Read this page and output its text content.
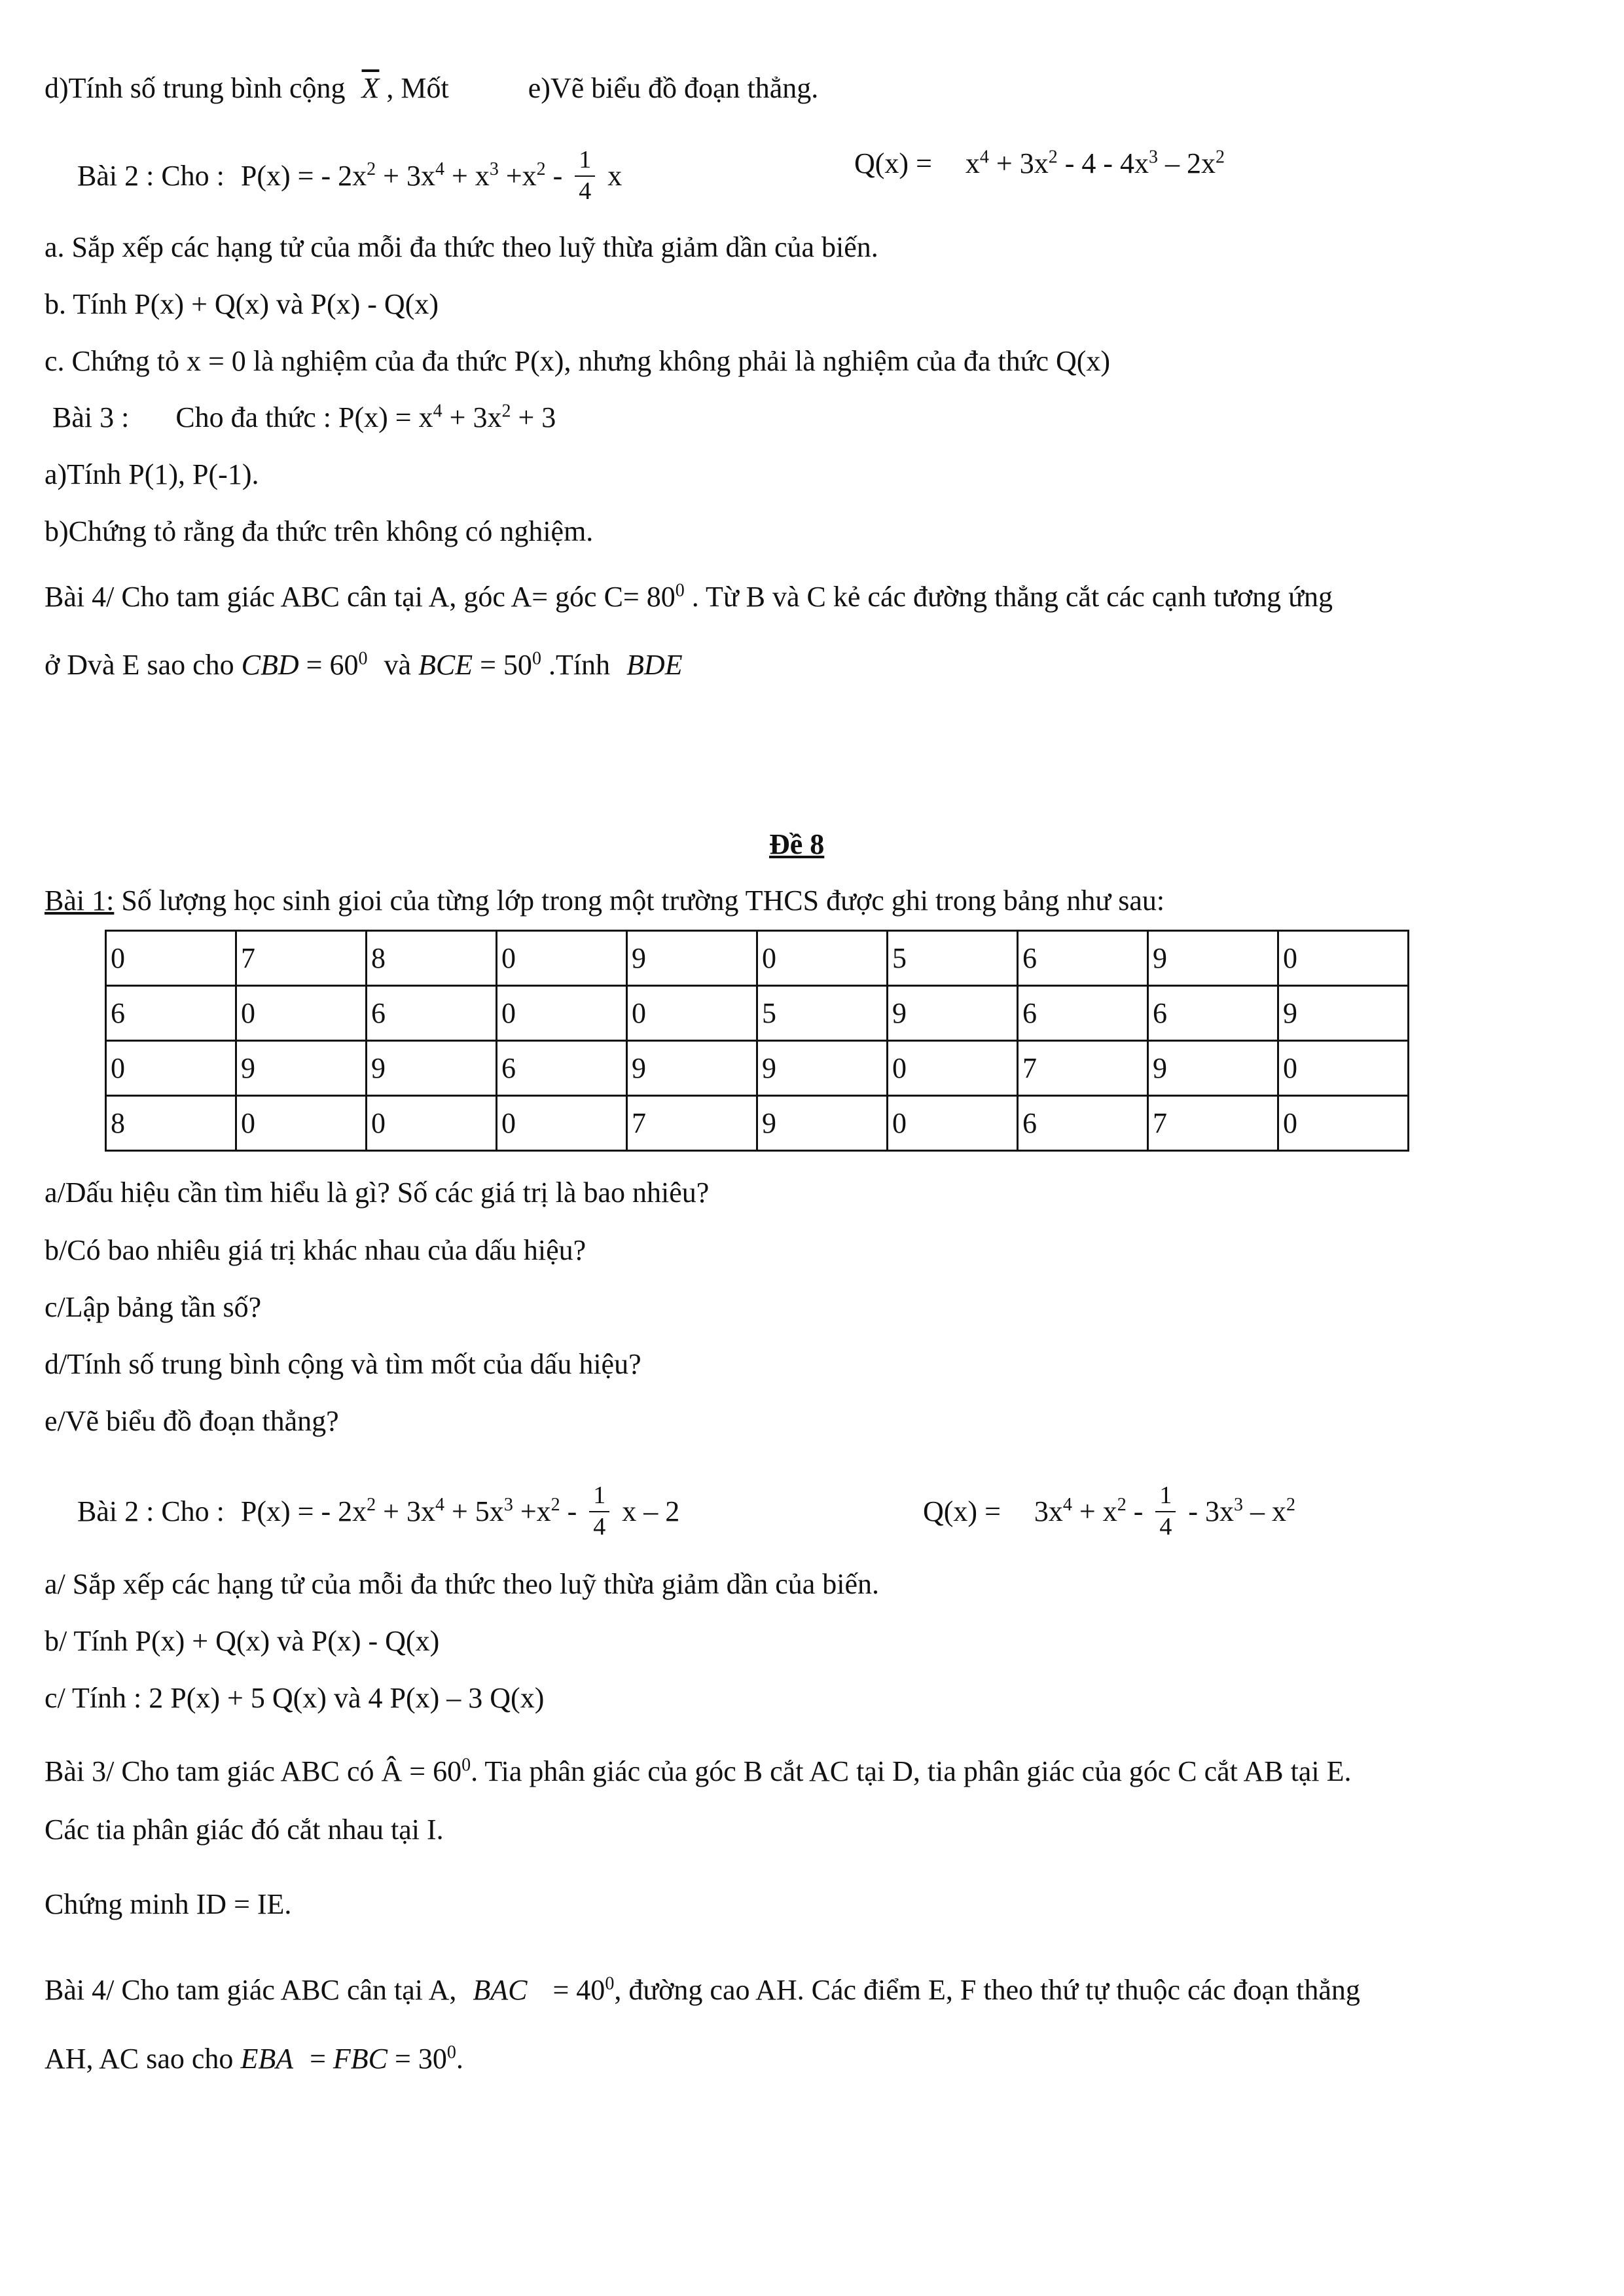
d)Tính số trung bình cộng $\overline{X}$ , Mốt	e)Vẽ biểu đồ đoạn thẳng.
Bài 2 : Cho : P(x) = - $2x^2 + 3x^4 + x^3 +x^2 - \frac{1}{4}$ x	$Q(x) = x^4 + 3x^2 - 4 - 4x^3 - 2x^2$
a. Sắp xếp các hạng tử của mỗi đa thức theo luỹ thừa giảm dần của biến.
b. Tính P(x) + Q(x) và P(x) - Q(x)
c. Chứng tỏ x = 0 là nghiệm của đa thức P(x), nhưng không phải là nghiệm của đa thức Q(x)
Bài 3 : Cho đa thức : $P(x) = x^4 + 3x^2 + 3$
a)Tính P(1), P(-1).
b)Chứng tỏ rằng đa thức trên không có nghiệm.
Bài 4/ Cho tam giác ABC cân tại A, góc A= góc $C= 80^0$ . Từ B và C kẻ các đường thẳng cắt các cạnh tương ứng
ở Dvà E sao cho CBD = $60^0$ và BCE = $50^0$ .Tính BDE
Đề 8
Bài 1: Số lượng học sinh gioi của từng lớp trong một trường THCS được ghi trong bảng như sau:
0	7	8	0	9	0	5	6	9	0
6	0	6	0	0	5	9	6	6	9
0	9	9	6	9	9	0	7	9	0
8	0	0	0	7	9	0	6	7	0
a/Dấu hiệu cần tìm hiểu là gì? Số các giá trị là bao nhiêu?
b/Có bao nhiêu giá trị khác nhau của dấu hiệu?
c/Lập bảng tần số?
d/Tính số trung bình cộng và tìm mốt của dấu hiệu?
e/Vẽ biểu đồ đoạn thẳng?
Bài 2 : Cho : P(x) = - $2x^2 + 3x^4 + 5x^3 +x^2 - \frac{1}{4}$ x – 2	$Q(x) = 3x^4 + x^2 - \frac{1}{4} - 3x^3 - x^2$
a/ Sắp xếp các hạng tử của mỗi đa thức theo luỹ thừa giảm dần của biến.
b/ Tính P(x) + Q(x) và P(x) - Q(x)
c/ Tính : 2 P(x) + 5 Q(x) và 4 P(x) – 3 Q(x)
Bài 3/ Cho tam giác ABC có Â = $60^0$. Tia phân giác của góc B cắt AC tại D, tia phân giác của góc C cắt AB tại E.
Các tia phân giác đó cắt nhau tại I.
Chứng minh ID = IE.
Bài 4/ Cho tam giác ABC cân tại A, BAC = $40^0$, đường cao AH. Các điểm E, F theo thứ tự thuộc các đoạn thẳng
AH, AC sao cho EBA = FBC = $30^0$.
